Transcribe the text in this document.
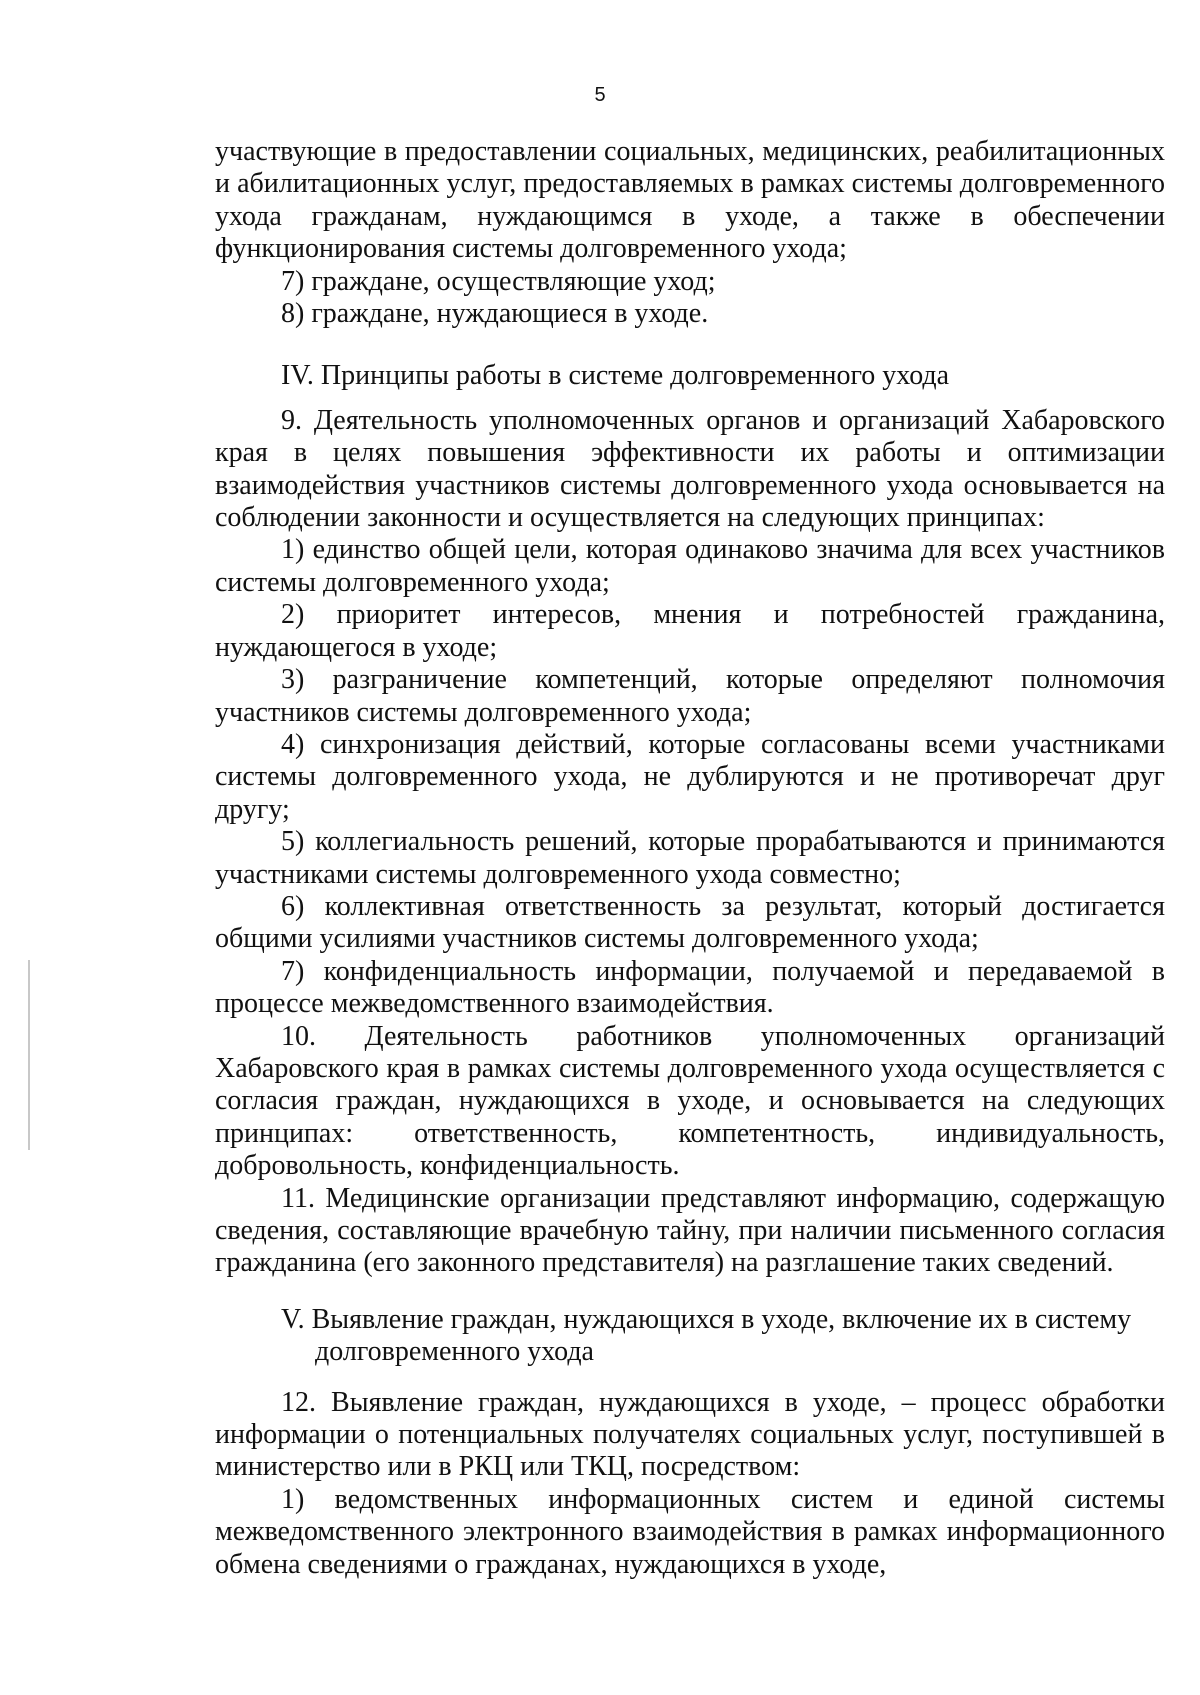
5

участвующие в предоставлении социальных, медицинских, реабилитационных и абилитационных услуг, предоставляемых в рамках системы долговременного ухода гражданам, нуждающимся в уходе, а также в обеспечении функционирования системы долговременного ухода;

7) граждане, осуществляющие уход;

8) граждане, нуждающиеся в уходе.

IV. Принципы работы в системе долговременного ухода

9. Деятельность уполномоченных органов и организаций Хабаровского края в целях повышения эффективности их работы и оптимизации взаимодействия участников системы долговременного ухода основывается на соблюдении законности и осуществляется на следующих принципах:

1) единство общей цели, которая одинаково значима для всех участников системы долговременного ухода;

2) приоритет интересов, мнения и потребностей гражданина, нуждающегося в уходе;

3) разграничение компетенций, которые определяют полномочия участников системы долговременного ухода;

4) синхронизация действий, которые согласованы всеми участниками системы долговременного ухода, не дублируются и не противоречат друг другу;

5) коллегиальность решений, которые прорабатываются и принимаются участниками системы долговременного ухода совместно;

6) коллективная ответственность за результат, который достигается общими усилиями участников системы долговременного ухода;

7) конфиденциальность информации, получаемой и передаваемой в процессе межведомственного взаимодействия.

10. Деятельность работников уполномоченных организаций Хабаровского края в рамках системы долговременного ухода осуществляется с согласия граждан, нуждающихся в уходе, и основывается на следующих принципах: ответственность, компетентность, индивидуальность, добровольность, конфиденциальность.

11. Медицинские организации представляют информацию, содержащую сведения, составляющие врачебную тайну, при наличии письменного согласия гражданина (его законного представителя) на разглашение таких сведений.

V. Выявление граждан, нуждающихся в уходе, включение их в систему
долговременного ухода

12. Выявление граждан, нуждающихся в уходе, – процесс обработки информации о потенциальных получателях социальных услуг, поступившей в министерство или в РКЦ или ТКЦ, посредством:

1) ведомственных информационных систем и единой системы межведомственного электронного взаимодействия в рамках информационного обмена сведениями о гражданах, нуждающихся в уходе,
